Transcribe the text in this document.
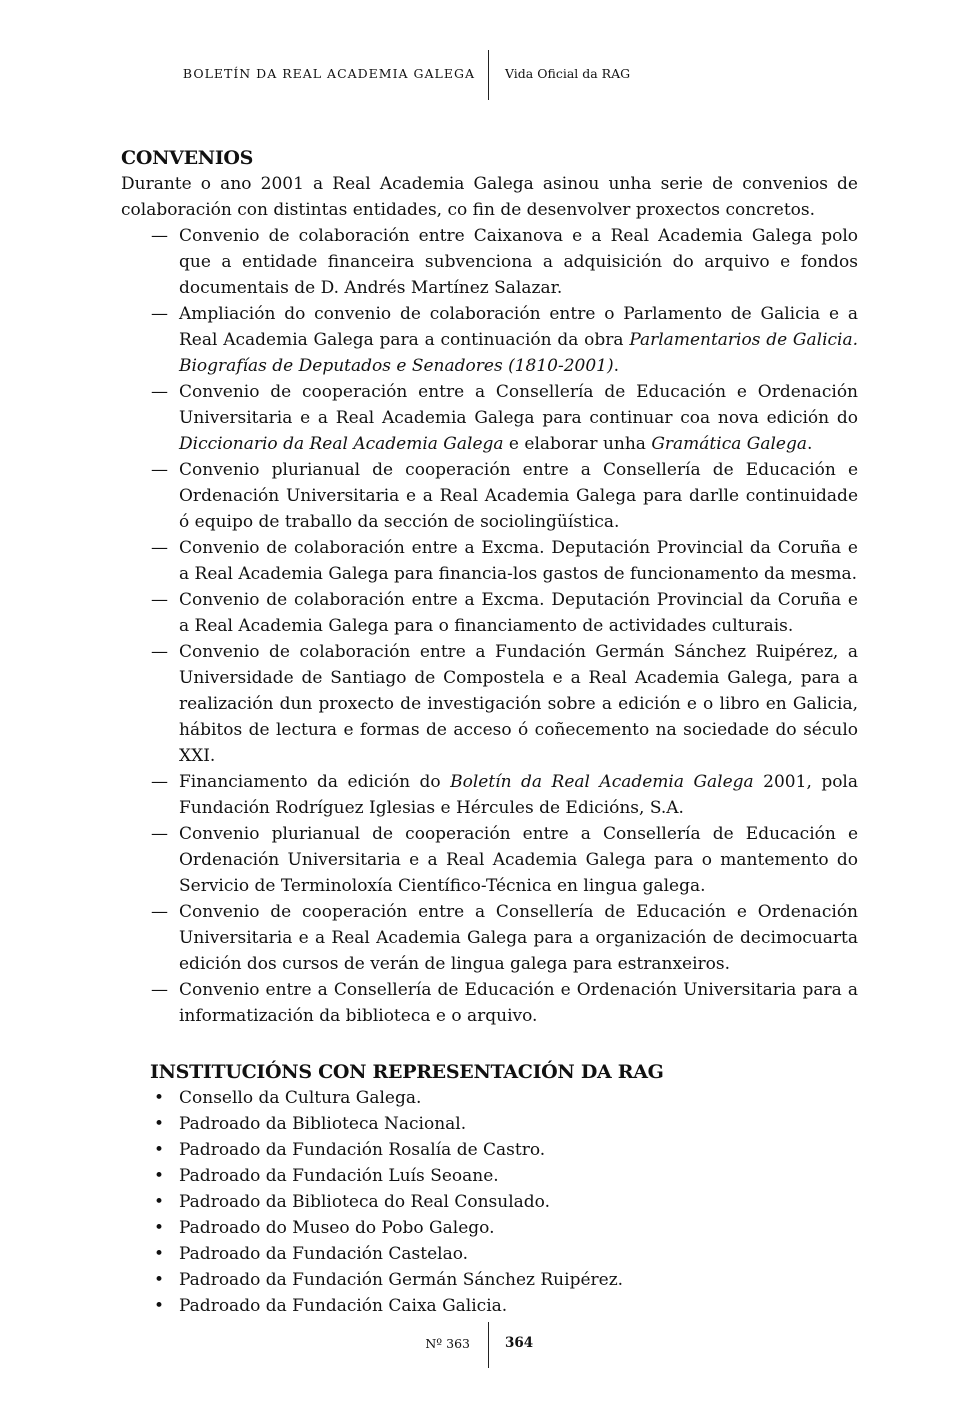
BOLETÍN DA REAL ACADEMIA GALEGA Vida Oficial da RAG
CONVENIOS

Durante o ano 2001 a Real Academia Galega asinou unha serie de convenios de colaboración con distintas entidades, co fin de desenvolver proxectos concretos.

— Convenio de colaboración entre Caixanova e a Real Academia Galega polo que a entidade financeira subvenciona a adquisición do arquivo e fondos documentais de D. Andrés Martínez Salazar.
— Ampliación do convenio de colaboración entre o Parlamento de Galicia e a Real Academia Galega para a continuación da obra Parlamentarios de Galicia. Biografías de Deputados e Senadores (1810-2001).
— Convenio de cooperación entre a Consellería de Educación e Ordenación Universitaria e a Real Academia Galega para continuar coa nova edición do Diccionario da Real Academia Galega e elaborar unha Gramática Galega.
— Convenio plurianual de cooperación entre a Consellería de Educación e Ordenación Universitaria e a Real Academia Galega para darlle continuidade ó equipo de traballo da sección de sociolingüística.
— Convenio de colaboración entre a Excma. Deputación Provincial da Coruña e a Real Academia Galega para financia-los gastos de funcionamento da mesma.
— Convenio de colaboración entre a Excma. Deputación Provincial da Coruña e a Real Academia Galega para o financiamento de actividades culturais.
— Convenio de colaboración entre a Fundación Germán Sánchez Ruipérez, a Universidade de Santiago de Compostela e a Real Academia Galega, para a realización dun proxecto de investigación sobre a edición e o libro en Galicia, hábitos de lectura e formas de acceso ó coñecemento na sociedade do século XXI.
— Financiamento da edición do Boletín da Real Academia Galega 2001, pola Fundación Rodríguez Iglesias e Hércules de Edicións, S.A.
— Convenio plurianual de cooperación entre a Consellería de Educación e Ordenación Universitaria e a Real Academia Galega para o mantemento do Servicio de Terminoloxía Científico-Técnica en lingua galega.
— Convenio de cooperación entre a Consellería de Educación e Ordenación Universitaria e a Real Academia Galega para a organización de decimocuarta edición dos cursos de verán de lingua galega para estranxeiros.
— Convenio entre a Consellería de Educación e Ordenación Universitaria para a informatización da biblioteca e o arquivo.
INSTITUCIÓNS CON REPRESENTACIÓN DA RAG
• Consello da Cultura Galega.
• Padroado da Biblioteca Nacional.
• Padroado da Fundación Rosalía de Castro.
• Padroado da Fundación Luís Seoane.
• Padroado da Biblioteca do Real Consulado.
• Padroado do Museo do Pobo Galego.
• Padroado da Fundación Castelao.
• Padroado da Fundación Germán Sánchez Ruipérez.
• Padroado da Fundación Caixa Galicia.
Nº 363	364
